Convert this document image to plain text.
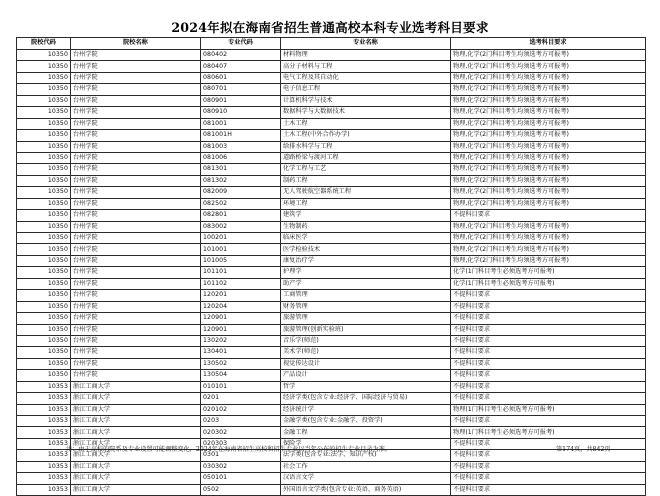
2024年拟在海南省招生普通高校本科专业选考科目要求
院校代码	院校名称	专业代码	专业名称	选考科目要求
10350	台州学院	080402	材料物理	物理,化学(2门科目考生均须选考方可报考)
10350	台州学院	080407	高分子材料与工程	物理,化学(2门科目考生均须选考方可报考)
10350	台州学院	080601	电气工程及其自动化	物理,化学(2门科目考生均须选考方可报考)
10350	台州学院	080701	电子信息工程	物理,化学(2门科目考生均须选考方可报考)
10350	台州学院	080901	计算机科学与技术	物理,化学(2门科目考生均须选考方可报考)
10350	台州学院	080910	数据科学与大数据技术	物理,化学(2门科目考生均须选考方可报考)
10350	台州学院	081001	土木工程	物理,化学(2门科目考生均须选考方可报考)
10350	台州学院	081001H	土木工程(中外合作办学)	物理,化学(2门科目考生均须选考方可报考)
10350	台州学院	081003	给排水科学与工程	物理,化学(2门科目考生均须选考方可报考)
10350	台州学院	081006	道路桥梁与渡河工程	物理,化学(2门科目考生均须选考方可报考)
10350	台州学院	081301	化学工程与工艺	物理,化学(2门科目考生均须选考方可报考)
10350	台州学院	081302	制药工程	物理,化学(2门科目考生均须选考方可报考)
10350	台州学院	082009	无人驾驶航空器系统工程	物理,化学(2门科目考生均须选考方可报考)
10350	台州学院	082502	环境工程	物理,化学(2门科目考生均须选考方可报考)
10350	台州学院	082801	建筑学	不提科目要求
10350	台州学院	083002	生物制药	物理,化学(2门科目考生均须选考方可报考)
10350	台州学院	100201	临床医学	物理,化学(2门科目考生均须选考方可报考)
10350	台州学院	101001	医学检验技术	物理,化学(2门科目考生均须选考方可报考)
10350	台州学院	101005	康复治疗学	物理,化学(2门科目考生均须选考方可报考)
10350	台州学院	101101	护理学	化学(1门科目考生必须选考方可报考)
10350	台州学院	101102	助产学	化学(1门科目考生必须选考方可报考)
10350	台州学院	120201	工商管理	不提科目要求
10350	台州学院	120204	财务管理	不提科目要求
10350	台州学院	120901	旅游管理	不提科目要求
10350	台州学院	120901	旅游管理(创新实验班)	不提科目要求
10350	台州学院	130202	音乐学(师范)	不提科目要求
10350	台州学院	130401	美术学(师范)	不提科目要求
10350	台州学院	130502	视觉传达设计	不提科目要求
10350	台州学院	130504	产品设计	不提科目要求
10353	浙江工商大学	010101	哲学	不提科目要求
10353	浙江工商大学	0201	经济学类(包含专业:经济学、国际经济与贸易)	不提科目要求
10353	浙江工商大学	020102	经济统计学	物理(1门科目考生必须选考方可报考)
10353	浙江工商大学	0203	金融学类(包含专业:金融学、投资学)	不提科目要求
10353	浙江工商大学	020302	金融工程	物理(1门科目考生必须选考方可报考)
10353	浙江工商大学	020303	保险学	不提科目要求
10353	浙江工商大学	0301	法学类(包含专业:法学、知识产权)	不提科目要求
10353	浙江工商大学	030302	社会工作	不提科目要求
10353	浙江工商大学	050101	汉语言文学	不提科目要求
10353	浙江工商大学	0502	外国语言文学类(包含专业:英语、商务英语)	不提科目要求
注：由于高校的院系及专业设置可能调整变化，2024年在海南省招生高校和招生专业以当年公布的招生专业目录为准。	第174页，共842页
